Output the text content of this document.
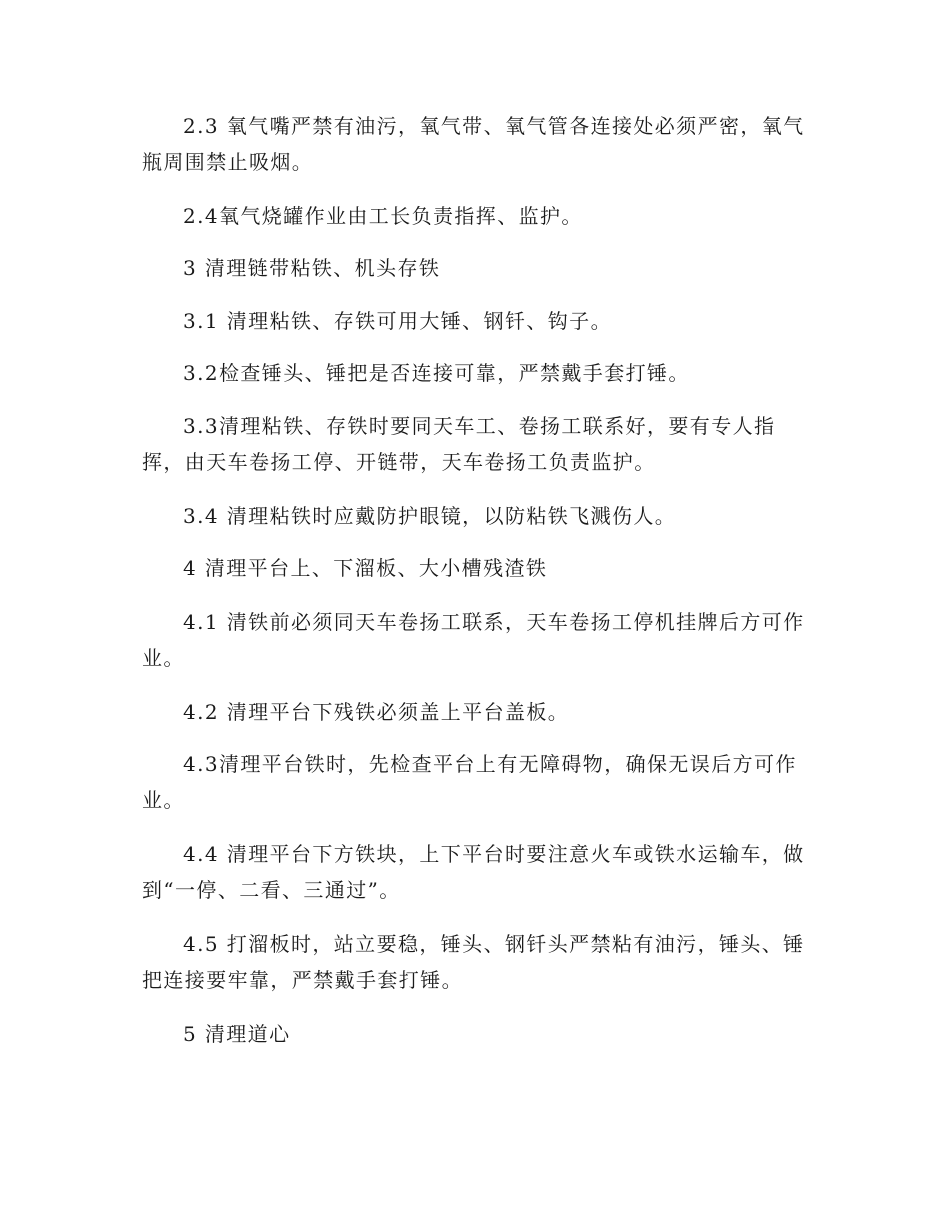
2.3 氧气嘴严禁有油污，氧气带、氧气管各连接处必须严密，氧气瓶周围禁止吸烟。

2.4氧气烧罐作业由工长负责指挥、监护。

3 清理链带粘铁、机头存铁

3.1 清理粘铁、存铁可用大锤、钢钎、钩子。

3.2检查锤头、锤把是否连接可靠，严禁戴手套打锤。

3.3清理粘铁、存铁时要同天车工、卷扬工联系好，要有专人指挥，由天车卷扬工停、开链带，天车卷扬工负责监护。

3.4 清理粘铁时应戴防护眼镜，以防粘铁飞溅伤人。

4 清理平台上、下溜板、大小槽残渣铁

4.1 清铁前必须同天车卷扬工联系，天车卷扬工停机挂牌后方可作业。

4.2 清理平台下残铁必须盖上平台盖板。

4.3清理平台铁时，先检查平台上有无障碍物，确保无误后方可作业。

4.4 清理平台下方铁块，上下平台时要注意火车或铁水运输车，做到“一停、二看、三通过”。

4.5 打溜板时，站立要稳，锤头、钢钎头严禁粘有油污，锤头、锤把连接要牢靠，严禁戴手套打锤。

5 清理道心
